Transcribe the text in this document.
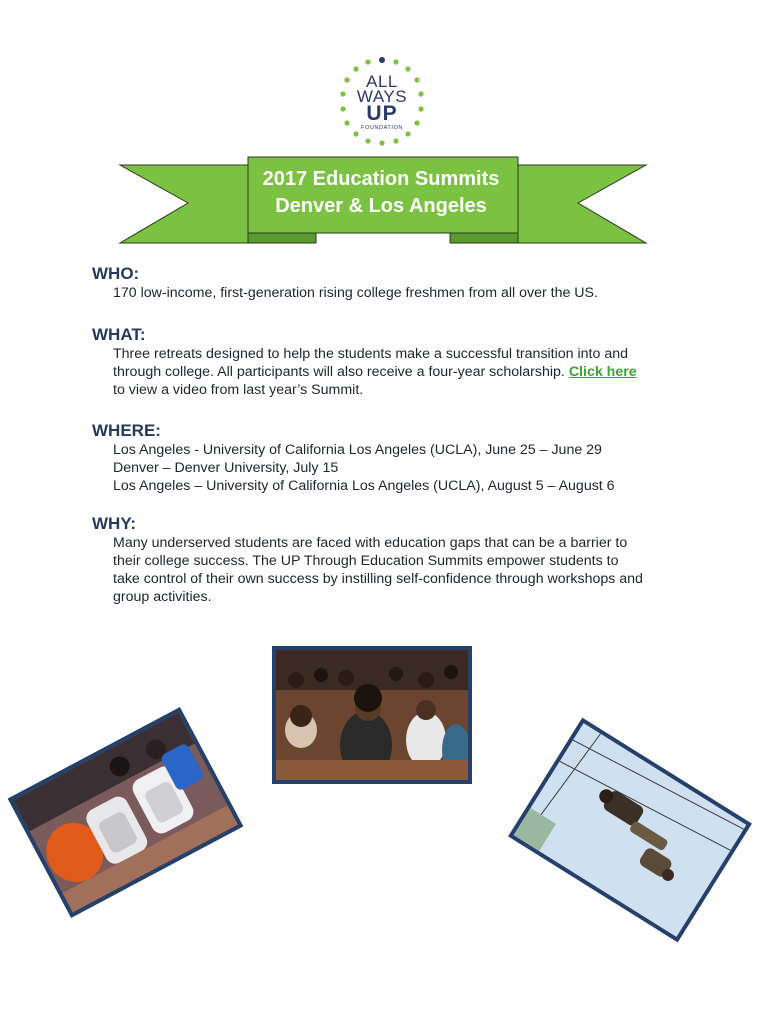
ALL
WAYS
UP
FOUNDATION
2017 Education Summits
Denver & Los Angeles
WHO:
170 low-income, first-generation rising college freshmen from all over the US.
WHAT:
Three retreats designed to help the students make a successful transition into and
through college. All participants will also receive a four-year scholarship. Click here
to view a video from last year’s Summit.
WHERE:
Los Angeles - University of California Los Angeles (UCLA), June 25 – June 29
Denver – Denver University, July 15
Los Angeles – University of California Los Angeles (UCLA), August 5 – August 6
WHY:
Many underserved students are faced with education gaps that can be a barrier to
their college success. The UP Through Education Summits empower students to
take control of their own success by instilling self-confidence through workshops and
group activities.
